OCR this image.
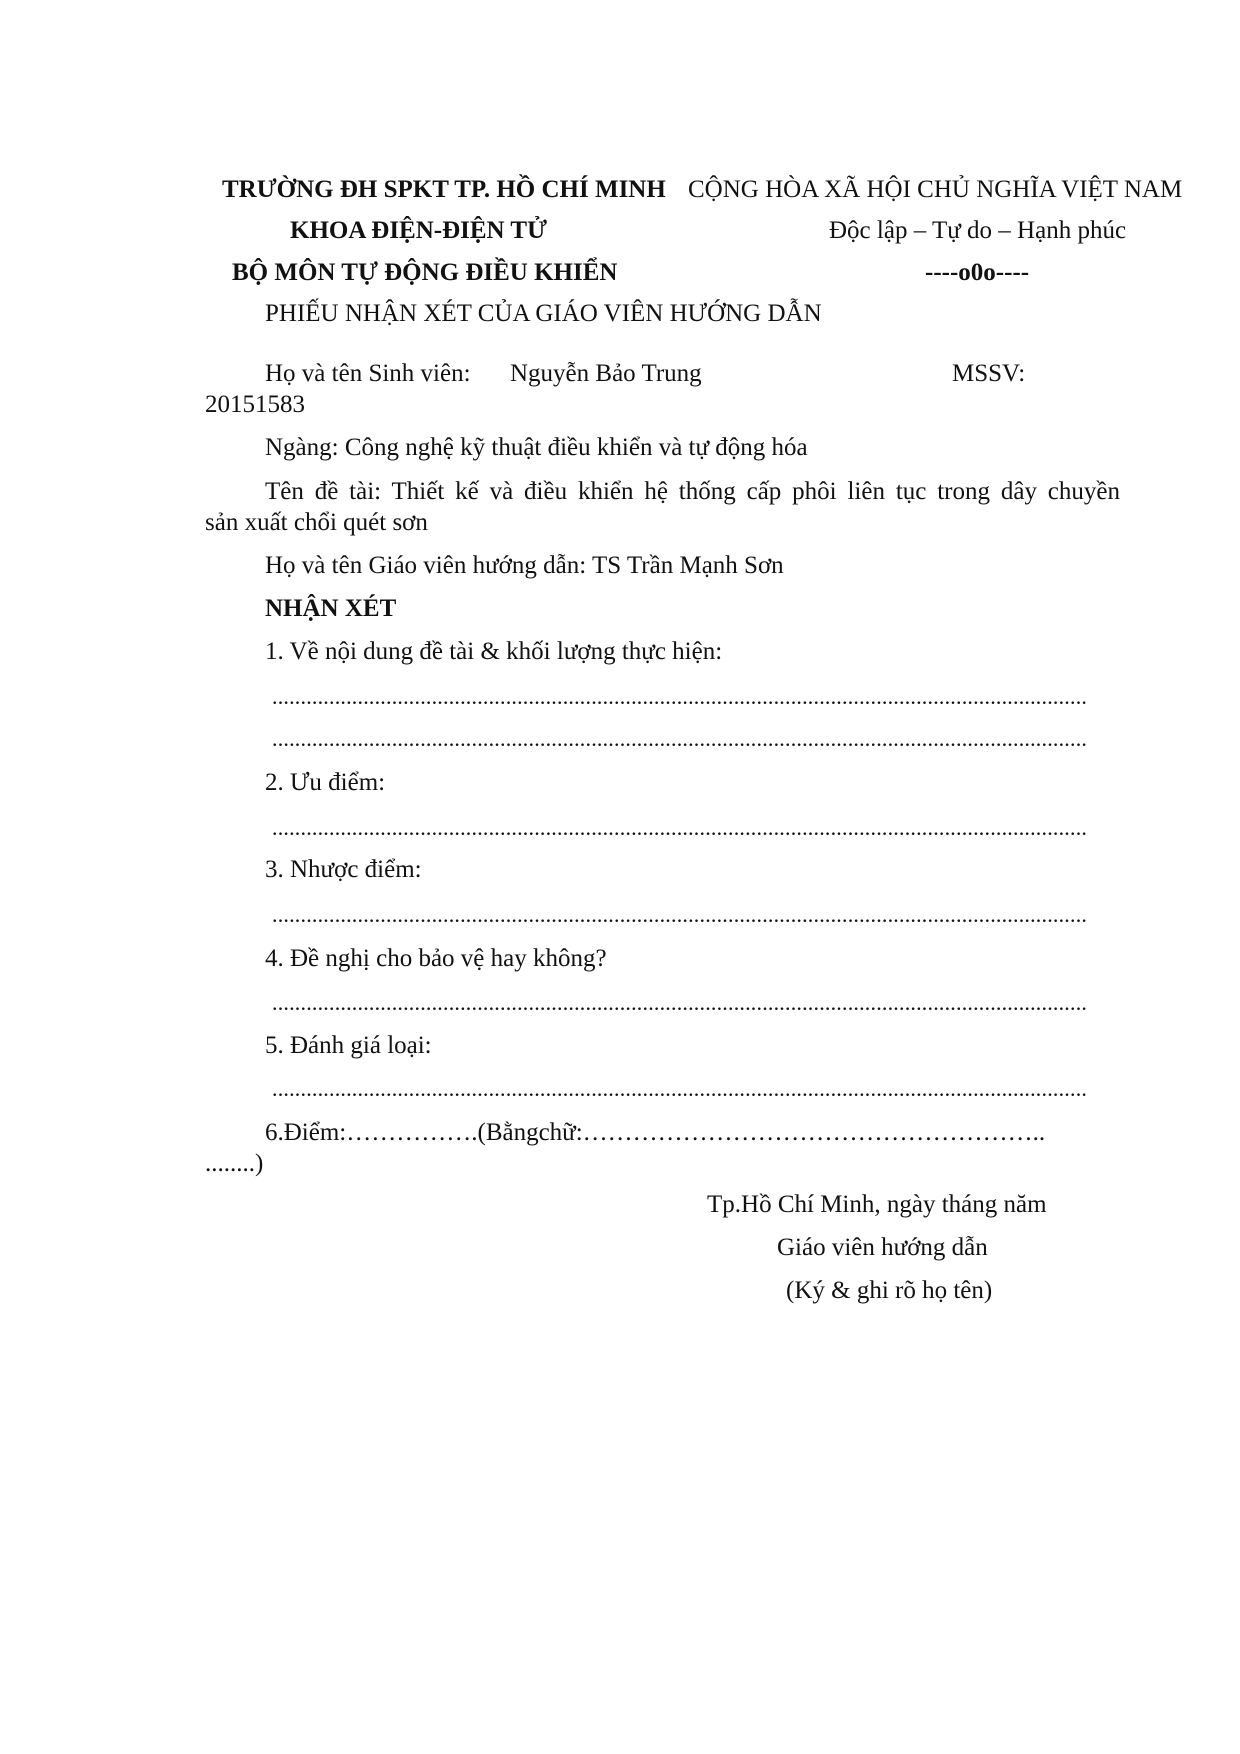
TRƯỜNG ĐH SPKT TP. HỒ CHÍ MINH
KHOA ĐIỆN-ĐIỆN TỬ
BỘ MÔN TỰ ĐỘNG ĐIỀU KHIỂN
CỘNG HÒA XÃ HỘI CHỦ NGHĨA VIỆT NAM
Độc lập – Tự do – Hạnh phúc
----o0o----
PHIẾU NHẬN XÉT CỦA GIÁO VIÊN HƯỚNG DẪN
Họ và tên Sinh viên: Nguyễn Bảo Trung	MSSV:
20151583
Ngàng: Công nghệ kỹ thuật điều khiển và tự động hóa
Tên đề tài: Thiết kế và điều khiển hệ thống cấp phôi liên tục trong dây chuyền
sản xuất chổi quét sơn
Họ và tên Giáo viên hướng dẫn: TS Trần Mạnh Sơn
NHẬN XÉT
1. Về nội dung đề tài & khối lượng thực hiện:
...............................................................................................................................................
...............................................................................................................................................
2. Ưu điểm:
...............................................................................................................................................
3. Nhược điểm:
...............................................................................................................................................
4. Đề nghị cho bảo vệ hay không?
...............................................................................................................................................
5. Đánh giá loại:
...............................................................................................................................................
6.Điểm:…………….(Bằngchữ:………………………………………………..
........)
Tp.Hồ Chí Minh, ngày tháng năm
Giáo viên hướng dẫn
(Ký & ghi rõ họ tên)
